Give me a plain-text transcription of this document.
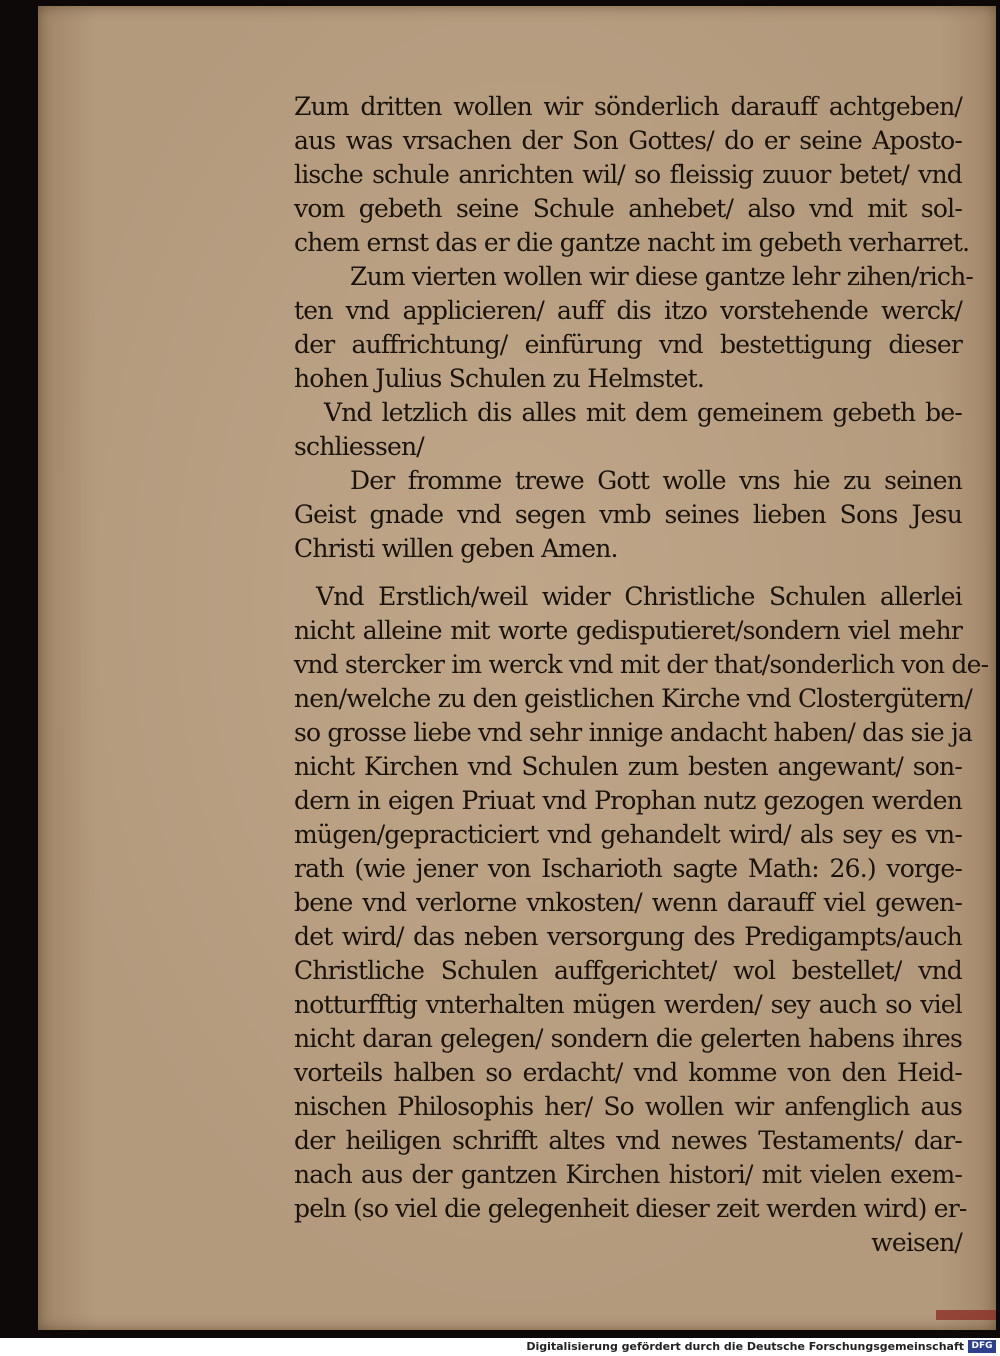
Zum dritten wollen wir sönderlich darauff achtgeben/
aus was vrsachen der Son Gottes/ do er seine Aposto-
lische schule anrichten wil/ so fleissig zuuor betet/ vnd
vom gebeth seine Schule anhebet/ also vnd mit sol-
chem ernst das er die gantze nacht im gebeth verharret.
Zum vierten wollen wir diese gantze lehr zihen/rich-
ten vnd applicieren/ auff dis itzo vorstehende werck/
der auffrichtung/ einfürung vnd bestettigung dieser
hohen Julius Schulen zu Helmstet.
Vnd letzlich dis alles mit dem gemeinem gebeth be-
schliessen/
Der fromme trewe Gott wolle vns hie zu seinen
Geist gnade vnd segen vmb seines lieben Sons Jesu
Christi willen geben Amen.
Vnd Erstlich/weil wider Christliche Schulen allerlei
nicht alleine mit worte gedisputieret/sondern viel mehr
vnd stercker im werck vnd mit der that/sonderlich von de-
nen/welche zu den geistlichen Kirche vnd Clostergütern/
so grosse liebe vnd sehr innige andacht haben/ das sie ja
nicht Kirchen vnd Schulen zum besten angewant/ son-
dern in eigen Priuat vnd Prophan nutz gezogen werden
mügen/gepracticiert vnd gehandelt wird/ als sey es vn-
rath (wie jener von Ischarioth sagte Math: 26.) vorge-
bene vnd verlorne vnkosten/ wenn darauff viel gewen-
det wird/ das neben versorgung des Predigampts/auch
Christliche Schulen auffgerichtet/ wol bestellet/ vnd
notturfftig vnterhalten mügen werden/ sey auch so viel
nicht daran gelegen/ sondern die gelerten habens ihres
vorteils halben so erdacht/ vnd komme von den Heid-
nischen Philosophis her/ So wollen wir anfenglich aus
der heiligen schrifft altes vnd newes Testaments/ dar-
nach aus der gantzen Kirchen histori/ mit vielen exem-
peln (so viel die gelegenheit dieser zeit werden wird) er-
weisen/
Digitalisierung gefördert durch die Deutsche Forschungsgemeinschaft DFG
